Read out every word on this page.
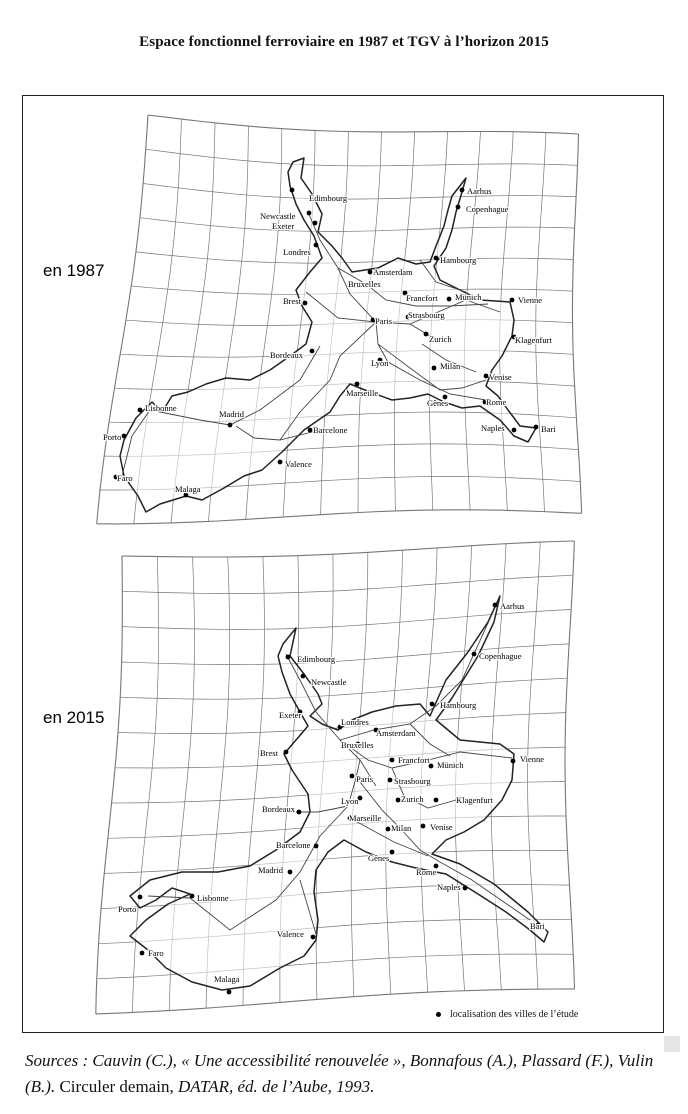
Espace fonctionnel ferroviaire en 1987 et TGV à l’horizon 2015
Edimbourg
Newcastle
Exeter
Londres
Aarhus
Copenhague
Hambourg
Amsterdam
Bruxelles
Francfort Münich	Vienne
Brest
Paris
Strasbourg
Zurich	Klagenfurt
Bordeaux
Lyon	Milan
Venise
Marseille
Gênes	Rome
Lisbonne
Madrid
Porto
Barcelone	Naples	Bari
Valence
Faro
Malaga
Aarhus
Edimbourg	Copenhague
Newcastle
Hambourg
Exeter
Londres
Amsterdam
Brest
Bruxelles
Vienne
Francfort Münich
Paris Strasbourg
Zurich	Klagenfurt
Bordeaux
Lyon
Marseille
Milan Venise
Barcelone
Gênes
Madrid	Rome
Naples
Porto
Lisbonne
Valence
Bari
Faro
Malaga
en 1987
en 2015
localisation des villes de l’étude
Sources : Cauvin (C.), « Une accessibilité renouvelée », Bonnafous (A.), Plassard (F.), Vulin (B.). Circuler demain, DATAR, éd. de l’Aube, 1993.
